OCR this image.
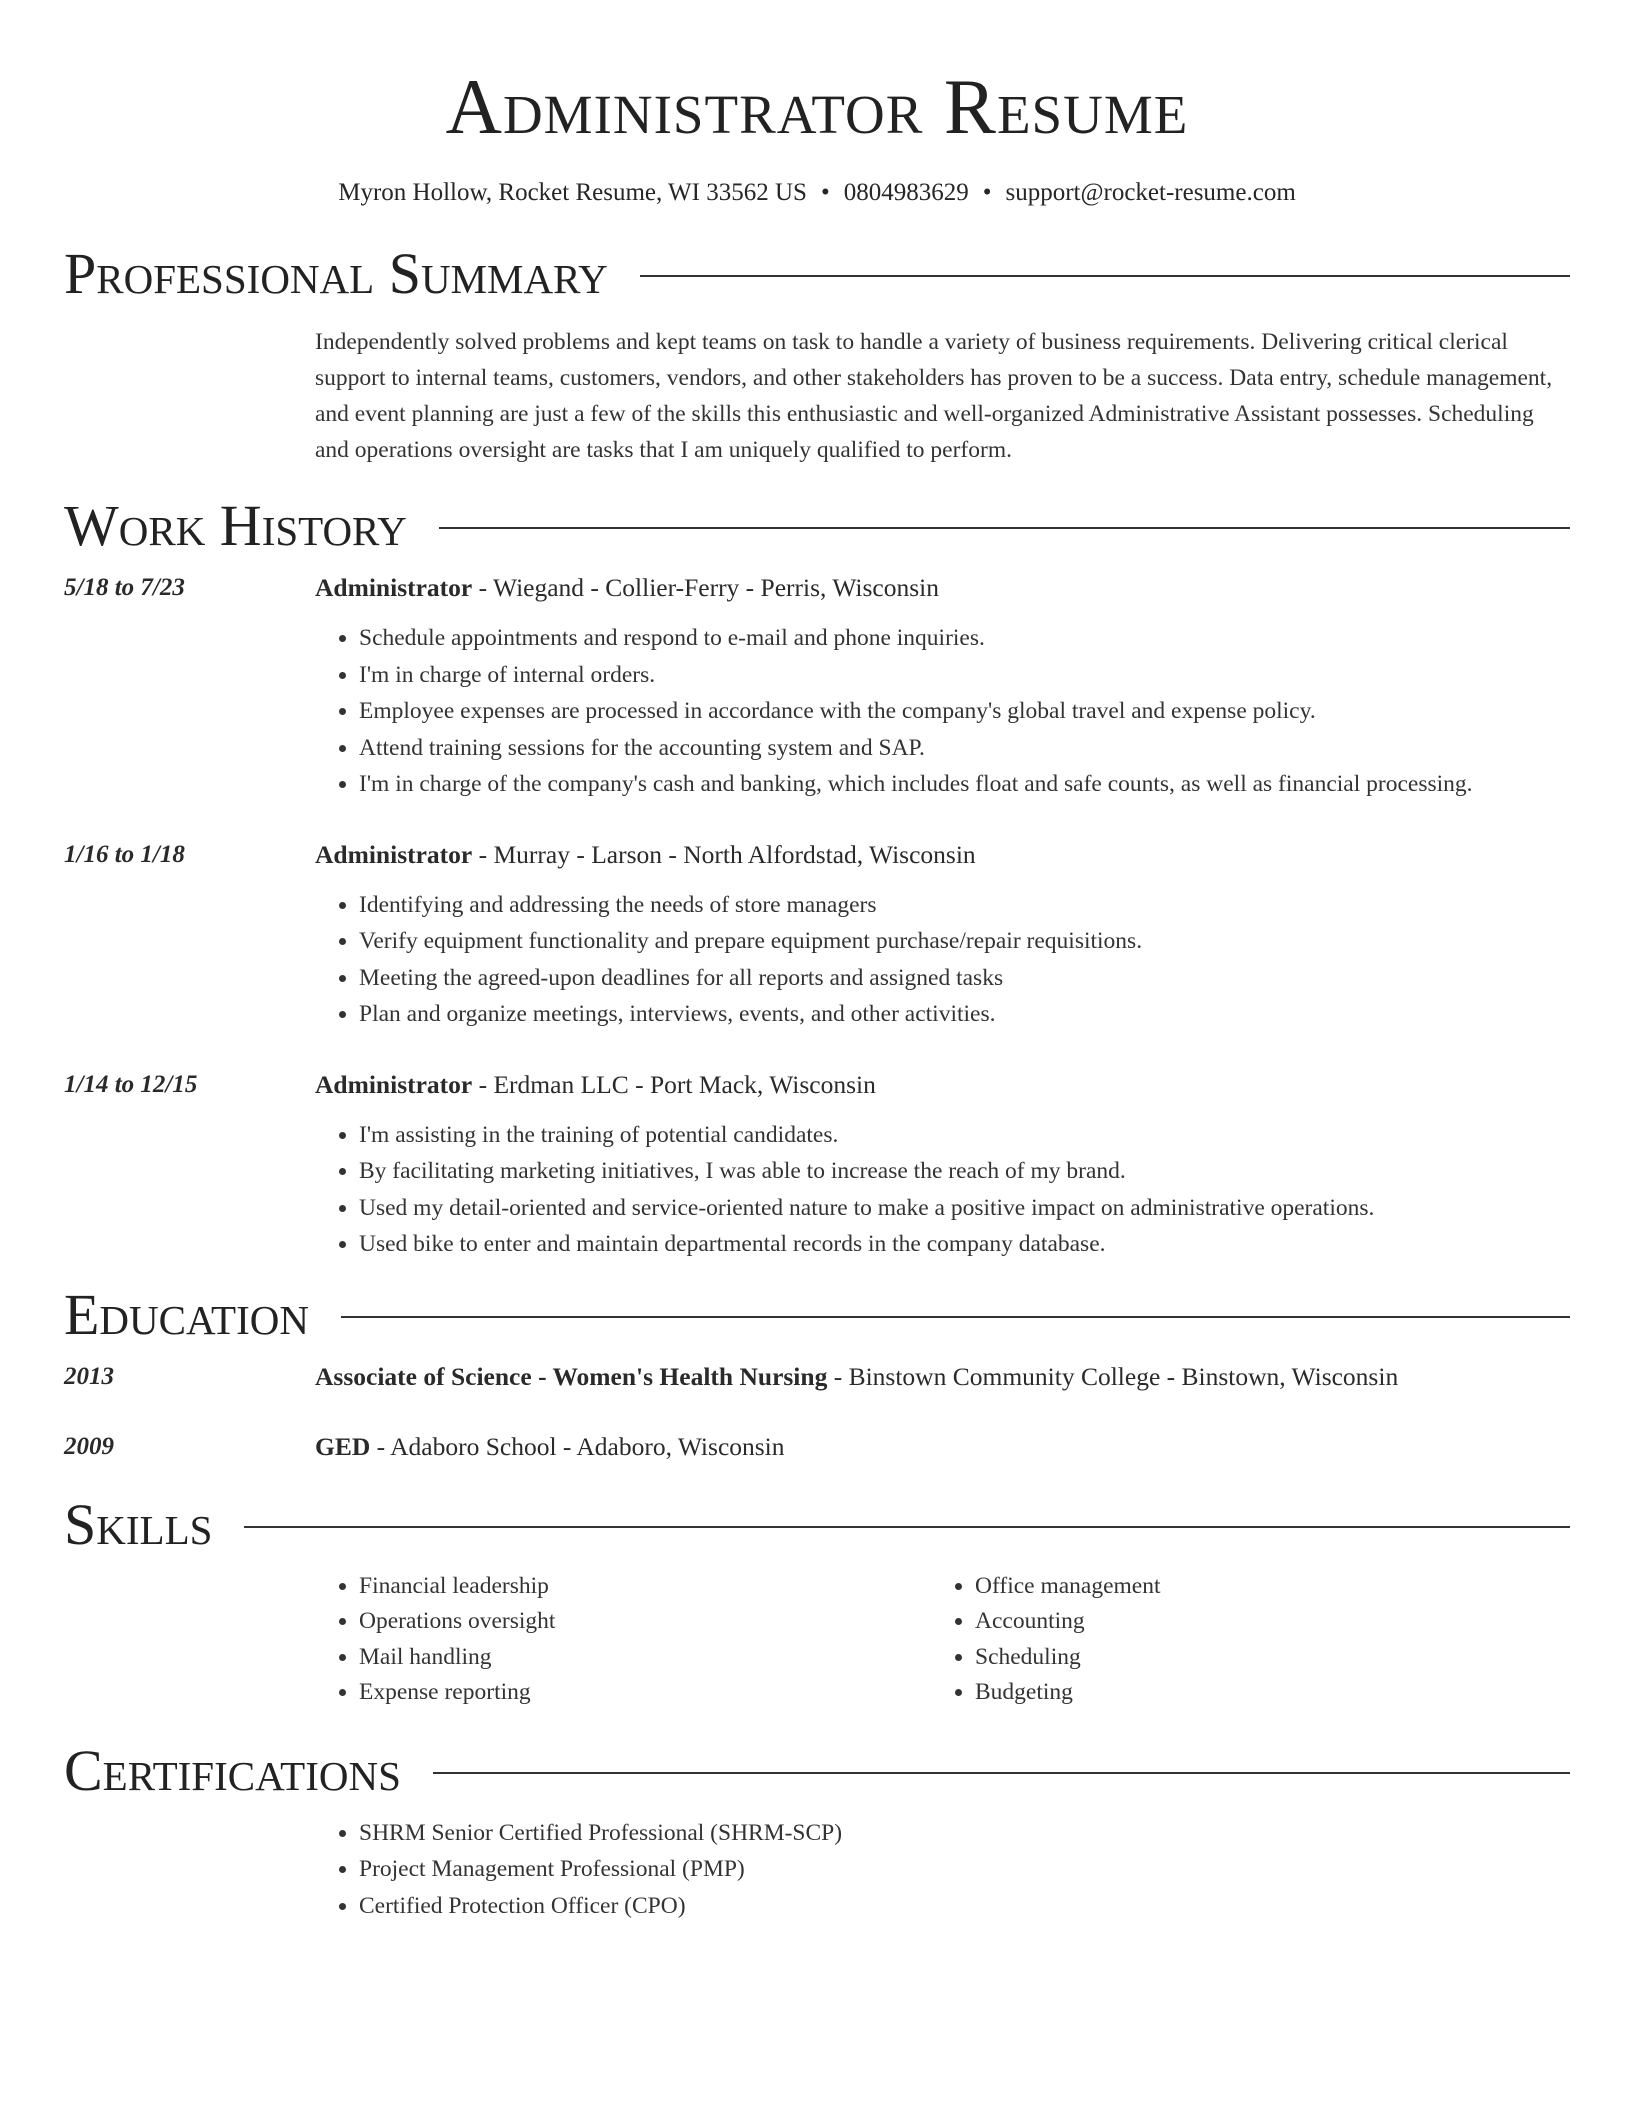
Administrator Resume
Myron Hollow, Rocket Resume, WI 33562 US • 0804983629 • support@rocket-resume.com
Professional Summary
Independently solved problems and kept teams on task to handle a variety of business requirements. Delivering critical clerical support to internal teams, customers, vendors, and other stakeholders has proven to be a success. Data entry, schedule management, and event planning are just a few of the skills this enthusiastic and well-organized Administrative Assistant possesses. Scheduling and operations oversight are tasks that I am uniquely qualified to perform.
Work History
5/18 to 7/23	Administrator - Wiegand - Collier-Ferry - Perris, Wisconsin
• Schedule appointments and respond to e-mail and phone inquiries.
• I'm in charge of internal orders.
• Employee expenses are processed in accordance with the company's global travel and expense policy.
• Attend training sessions for the accounting system and SAP.
• I'm in charge of the company's cash and banking, which includes float and safe counts, as well as financial processing.
1/16 to 1/18	Administrator - Murray - Larson - North Alfordstad, Wisconsin
• Identifying and addressing the needs of store managers
• Verify equipment functionality and prepare equipment purchase/repair requisitions.
• Meeting the agreed-upon deadlines for all reports and assigned tasks
• Plan and organize meetings, interviews, events, and other activities.
1/14 to 12/15	Administrator - Erdman LLC - Port Mack, Wisconsin
• I'm assisting in the training of potential candidates.
• By facilitating marketing initiatives, I was able to increase the reach of my brand.
• Used my detail-oriented and service-oriented nature to make a positive impact on administrative operations.
• Used bike to enter and maintain departmental records in the company database.
Education
2013	Associate of Science - Women's Health Nursing - Binstown Community College - Binstown, Wisconsin
2009	GED - Adaboro School - Adaboro, Wisconsin
Skills
• Financial leadership
• Operations oversight
• Mail handling
• Expense reporting
• Office management
• Accounting
• Scheduling
• Budgeting
Certifications
• SHRM Senior Certified Professional (SHRM-SCP)
• Project Management Professional (PMP)
• Certified Protection Officer (CPO)
